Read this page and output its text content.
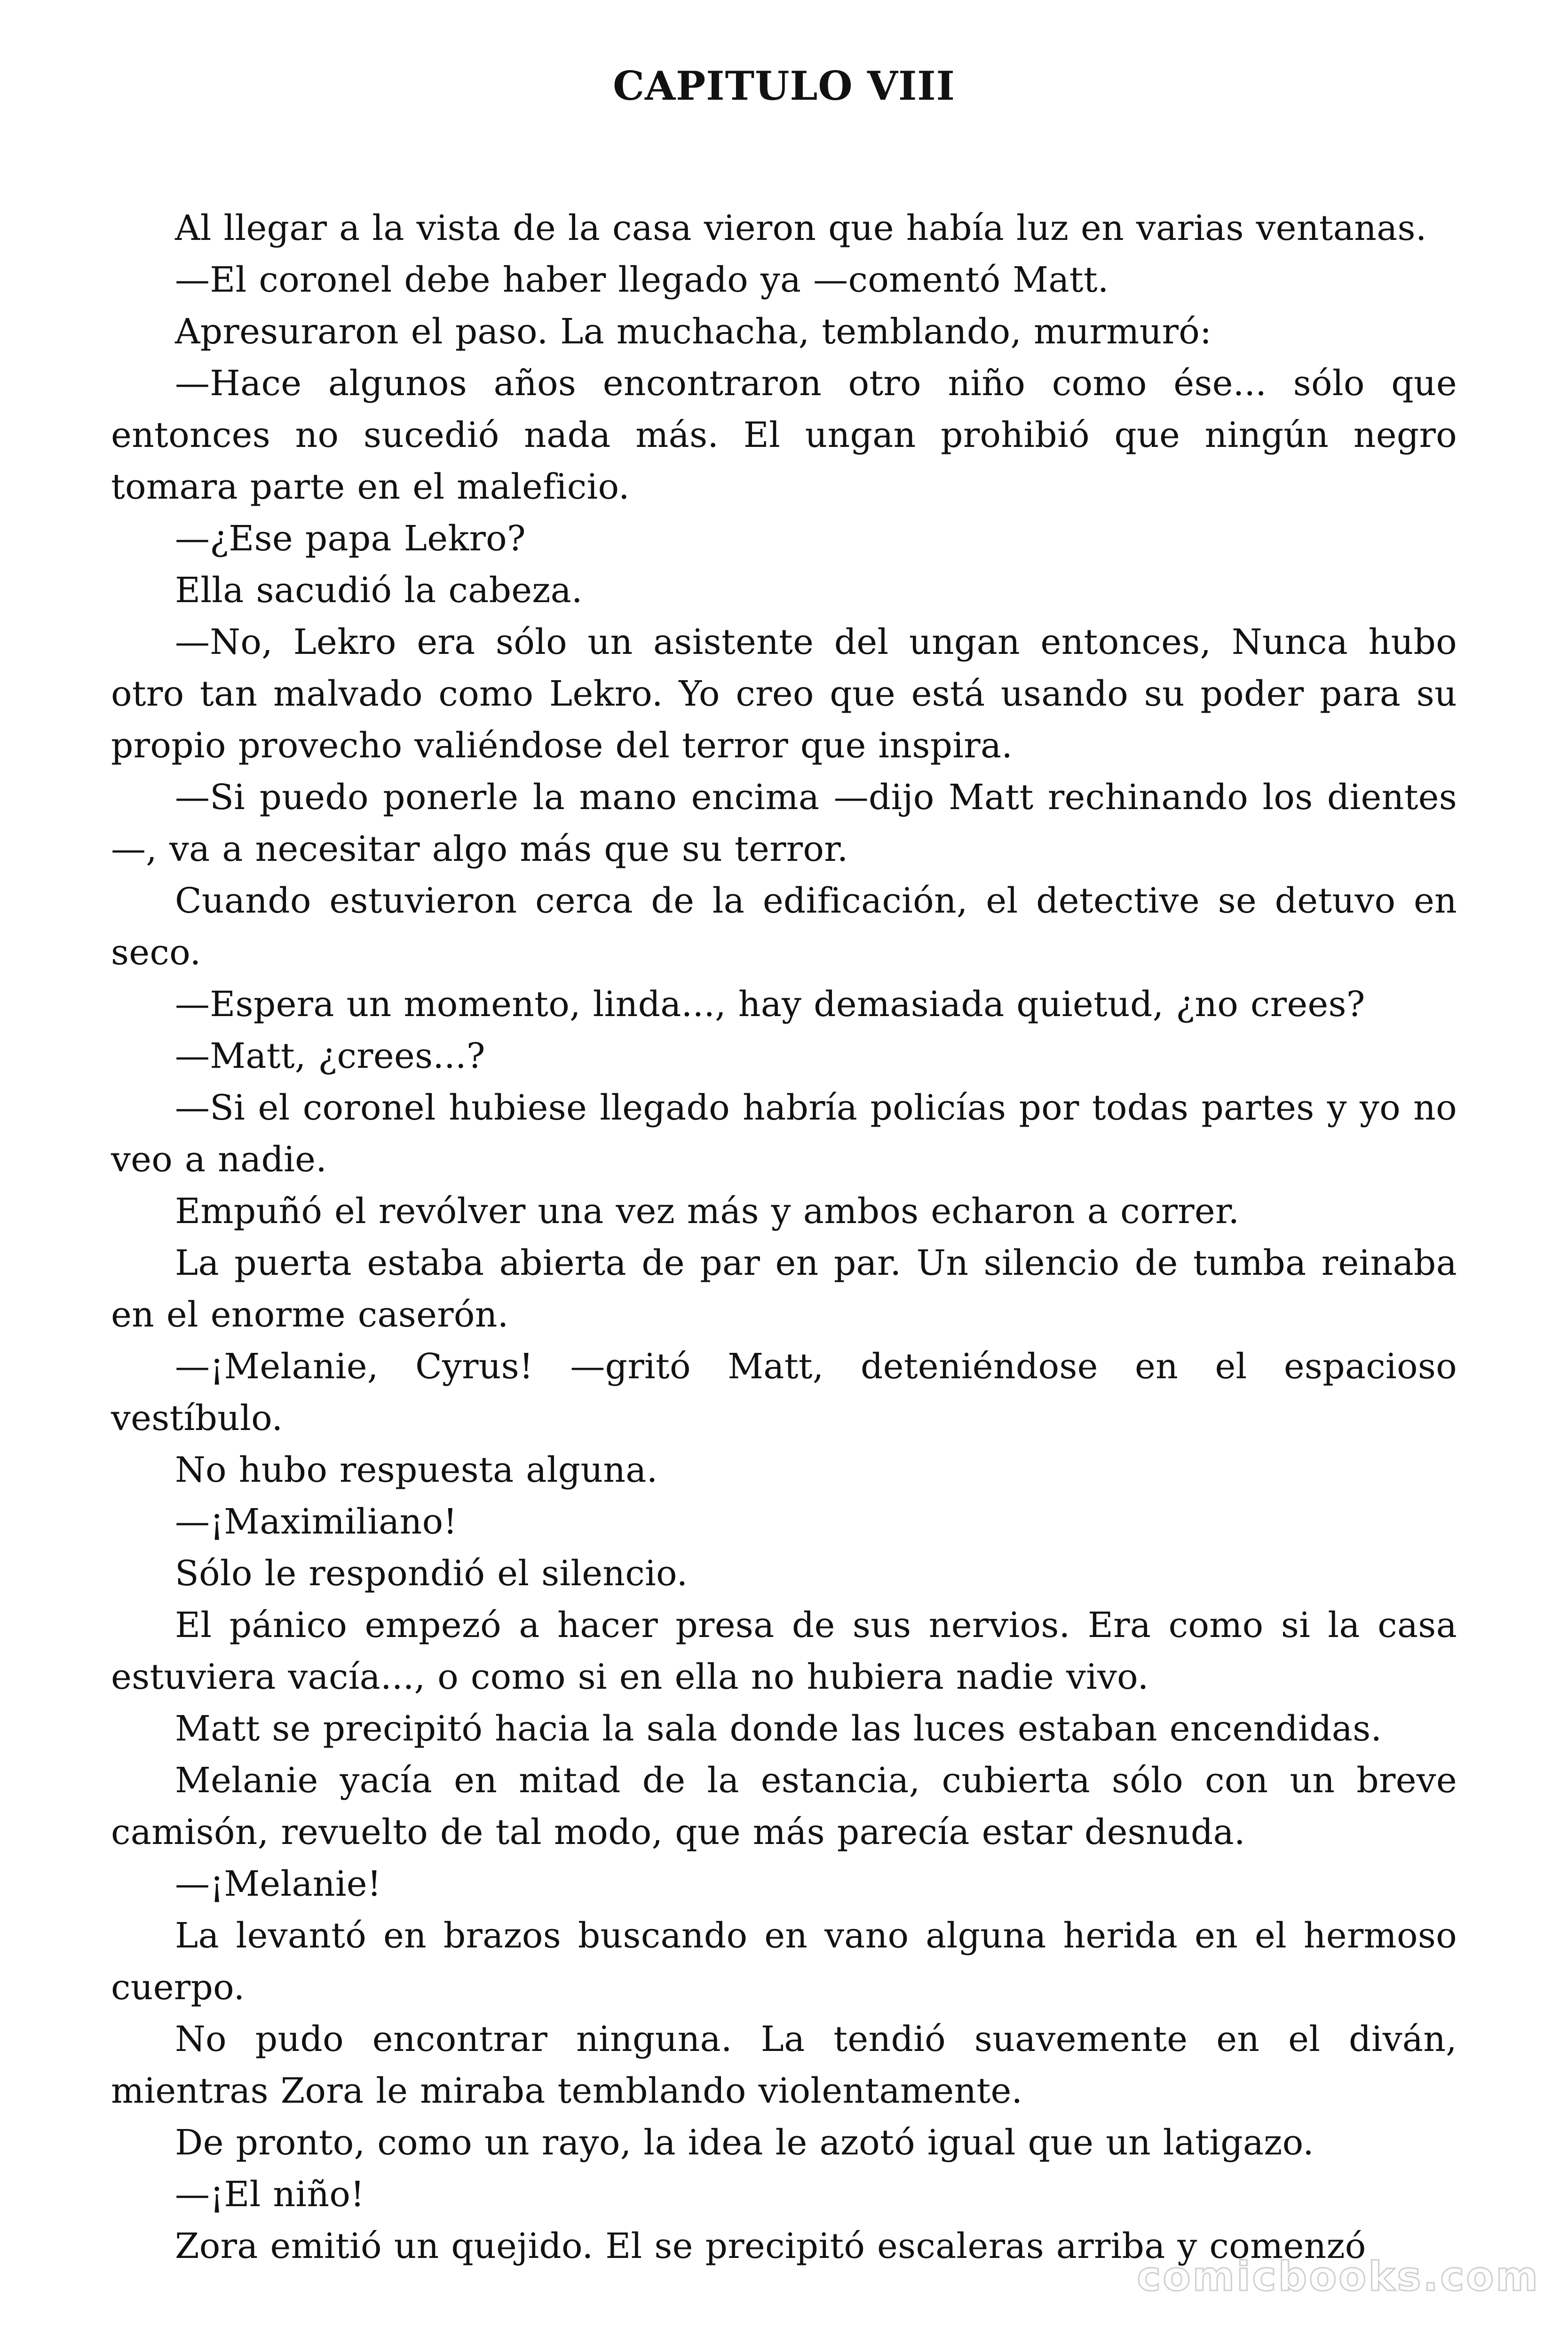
CAPITULO VIII

Al llegar a la vista de la casa vieron que había luz en varias ventanas.

—El coronel debe haber llegado ya —comentó Matt.

Apresuraron el paso. La muchacha, temblando, murmuró:

—Hace algunos años encontraron otro niño como ése... sólo que entonces no sucedió nada más. El ungan prohibió que ningún negro tomara parte en el maleficio.

—¿Ese papa Lekro?

Ella sacudió la cabeza.

—No, Lekro era sólo un asistente del ungan entonces, Nunca hubo otro tan malvado como Lekro. Yo creo que está usando su poder para su propio provecho valiéndose del terror que inspira.

—Si puedo ponerle la mano encima —dijo Matt rechinando los dientes—, va a necesitar algo más que su terror.

Cuando estuvieron cerca de la edificación, el detective se detuvo en seco.

—Espera un momento, linda..., hay demasiada quietud, ¿no crees?

—Matt, ¿crees...?

—Si el coronel hubiese llegado habría policías por todas partes y yo no veo a nadie.

Empuñó el revólver una vez más y ambos echaron a correr.

La puerta estaba abierta de par en par. Un silencio de tumba reinaba en el enorme caserón.

—¡Melanie, Cyrus! —gritó Matt, deteniéndose en el espacioso vestíbulo.

No hubo respuesta alguna.

—¡Maximiliano!

Sólo le respondió el silencio.

El pánico empezó a hacer presa de sus nervios. Era como si la casa estuviera vacía..., o como si en ella no hubiera nadie vivo.

Matt se precipitó hacia la sala donde las luces estaban encendidas.

Melanie yacía en mitad de la estancia, cubierta sólo con un breve camisón, revuelto de tal modo, que más parecía estar desnuda.

—¡Melanie!

La levantó en brazos buscando en vano alguna herida en el hermoso cuerpo.

No pudo encontrar ninguna. La tendió suavemente en el diván, mientras Zora le miraba temblando violentamente.

De pronto, como un rayo, la idea le azotó igual que un latigazo.

—¡El niño!

Zora emitió un quejido. El se precipitó escaleras arriba y comenzó

comicbooks.com
